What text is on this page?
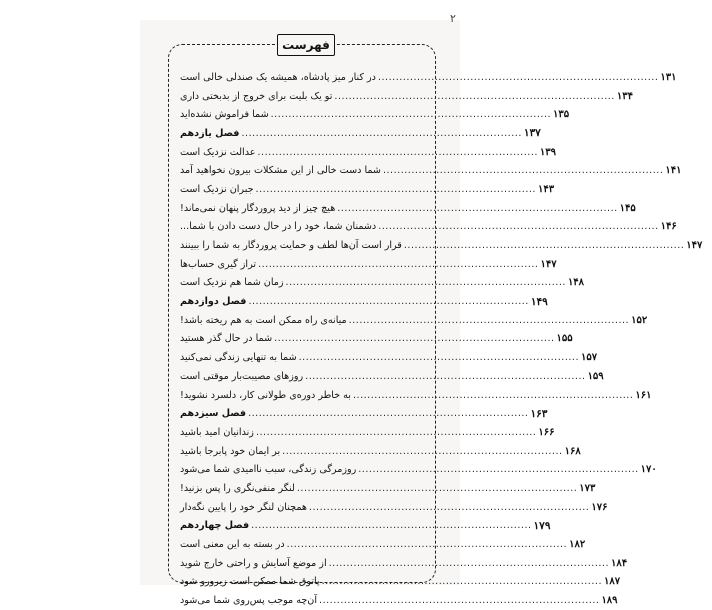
۲
فهرست
در کنار میز پادشاه، همیشه یک صندلی خالی است .....	۱۳۱
تو یک بلیت برای خروج از بدبختی داری .....	۱۳۴
شما فراموش نشده‌اید .....	۱۳۵
فصل یازدهم .....	۱۳۷
عدالت نزدیک است .....	۱۳۹
شما دست خالی از این مشکلات بیرون نخواهید آمد .....	۱۴۱
جبران نزدیک است .....	۱۴۳
هیچ چیز از دید پروردگار پنهان نمی‌ماند! .....	۱۴۵
دشمنان شما، خود را در حال دست دادن با شما... .....	۱۴۶
قرار است آن‌ها لطف و حمایت پروردگار به شما را ببینند .....	۱۴۷
تراز گیری حساب‌ها .....	۱۴۷
زمان شما هم نزدیک است .....	۱۴۸
فصل دوازدهم .....	۱۴۹
میانه‌ی راه ممکن است به هم ریخته باشد! .....	۱۵۲
شما در حال گذر هستید .....	۱۵۵
شما به تنهایی زندگی نمی‌کنید .....	۱۵۷
روزهای مصیبت‌بار موقتی است .....	۱۵۹
به خاطر دوره‌ی طولانی کار، دلسرد نشوید! .....	۱۶۱
فصل سیزدهم .....	۱۶۳
زندانیان امید باشید .....	۱۶۶
بر ایمان خود پابرجا باشید .....	۱۶۸
روزمرگی زندگی، سبب ناامیدی شما می‌شود .....	۱۷۰
لنگر منفی‌نگری را پس بزنید! .....	۱۷۳
همچنان لنگر خود را پایین نگه‌دار .....	۱۷۶
فصل چهاردهم .....	۱۷۹
در بسته به این معنی است .....	۱۸۲
از موضع آسایش و راحتی خارج شوید .....	۱۸۴
پاتوق شما ممکن است زیرورو شود .....	۱۸۷
آن‌چه موجب پس‌روی شما می‌شود .....	۱۸۹
